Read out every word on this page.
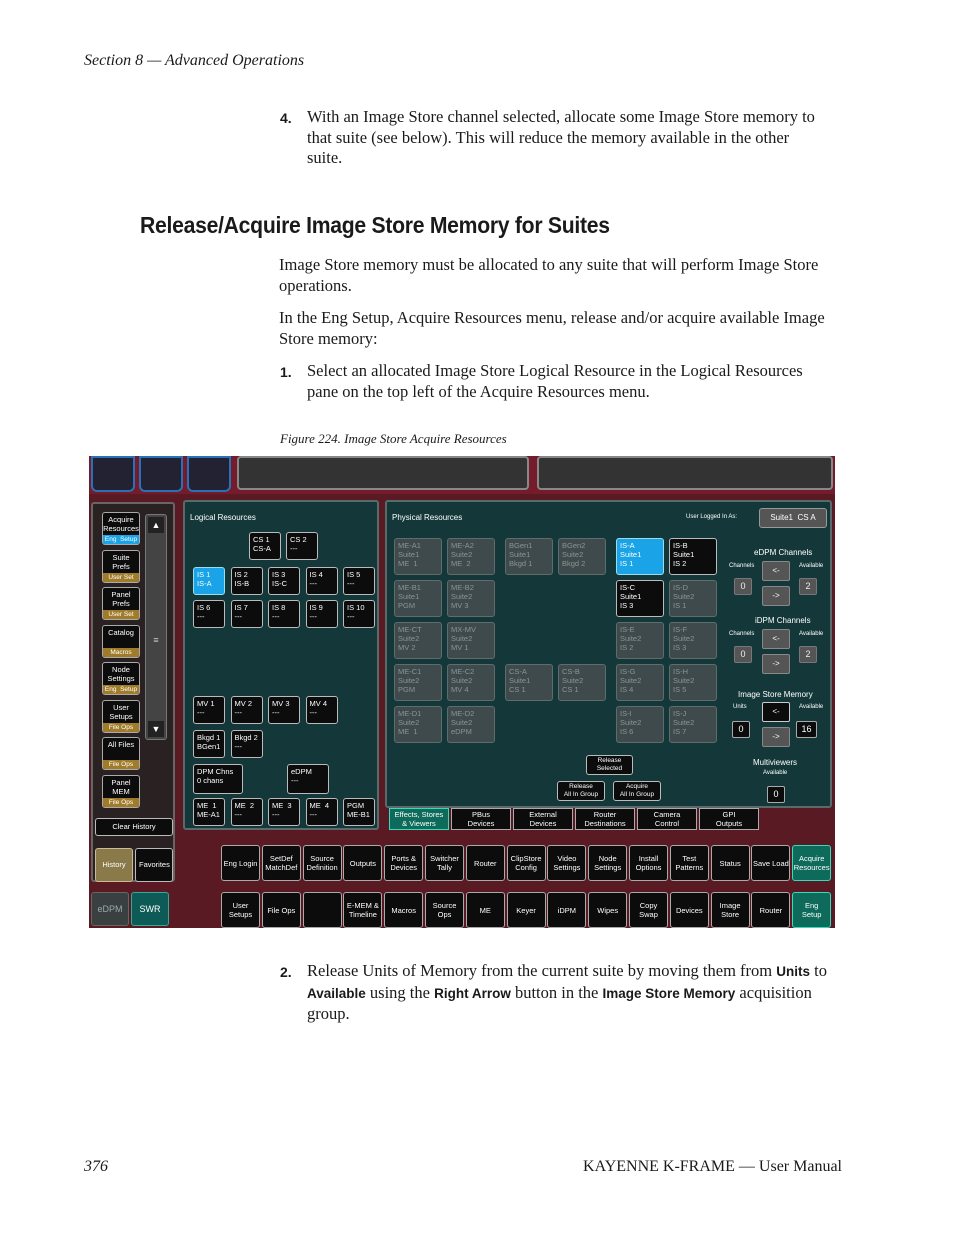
Section 8 — Advanced Operations
4. With an Image Store channel selected, allocate some Image Store memory to that suite (see below). This will reduce the memory available in the other suite.
Release/Acquire Image Store Memory for Suites
Image Store memory must be allocated to any suite that will perform Image Store operations.
In the Eng Setup, Acquire Resources menu, release and/or acquire available Image Store memory:
1. Select an allocated Image Store Logical Resource in the Logical Resources pane on the top left of the Acquire Resources menu.
Figure 224. Image Store Acquire Resources
Acquire
Resources
Eng  Setup
Suite
Prefs
User Set
Panel
Prefs
User Set
Catalog
Macros
Node
Settings
Eng  Setup
User
Setups
File Ops
All Files
File Ops
Panel
MEM
File Ops
▲
≡
▼
Clear History
History	Favorites
eDPM	SWR
Logical Resources
CS 1
CS-A
CS 2
---
IS 1
IS-A
IS 2
IS-B
IS 3
IS-C
IS 4
---
IS 5
---
IS 6
---
IS 7
---
IS 8
---
IS 9
---
IS 10
---
MV 1
---
MV 2
---
MV 3
---
MV 4
---
Bkgd 1
BGen1
Bkgd 2
---
DPM Chns
0 chans
eDPM
---
ME  1
ME-A1
ME  2
---
ME  3
---
ME  4
---
PGM
ME-B1
Physical Resources	User Logged In As:	Suite1  CS A
ME-A1
Suite1
ME  1
ME-A2
Suite2
ME  2
BGen1
Suite1
Bkgd 1
BGen2
Suite2
Bkgd 2
IS-A
Suite1
IS 1
IS-B
Suite1
IS 2
ME-B1
Suite1
PGM
ME-B2
Suite2
MV 3
IS-C
Suite1
IS 3
IS-D
Suite2
IS 1
ME-CT
Suite2
MV 2
MX-MV
Suite2
MV 1
IS-E
Suite2
IS 2
IS-F
Suite2
IS 3
ME-C1
Suite2
PGM
ME-C2
Suite2
MV 4
CS-A
Suite1
CS 1
CS-B
Suite2
CS 1
IS-G
Suite2
IS 4
IS-H
Suite2
IS 5
ME-D1
Suite2
ME  1
ME-D2
Suite2
eDPM
IS-I
Suite2
IS 6
IS-J
Suite2
IS 7
Release
Selected
Release
All In Group
Acquire
All In Group
eDPM Channels
Channels	Available
0
<-
->
2
iDPM Channels
Channels	Available
0
<-
->
2
Image Store Memory
Units	Available
0
<-
->
16
Multiviewers
Available
0
Effects, Stores
& Viewers
PBus
Devices
External
Devices
Router
Destinations
Camera
Control
GPI
Outputs
Eng Login	SetDef
MatchDef
Source
Definition	Outputs	Ports &
Devices
Switcher
Tally	Router	ClipStore
Config
Video
Settings
Node
Settings
Install
Options
Test
Patterns	Status	Save Load	Acquire
Resources
User
Setups	File Ops	E-MEM &
Timeline	Macros	Source
Ops	ME	Keyer	iDPM	Wipes	Copy
Swap	Devices	Image
Store	Router	Eng
Setup
2. Release Units of Memory from the current suite by moving them from Units to Available using the Right Arrow button in the Image Store Memory acquisition group.
376	KAYENNE K-FRAME — User Manual
